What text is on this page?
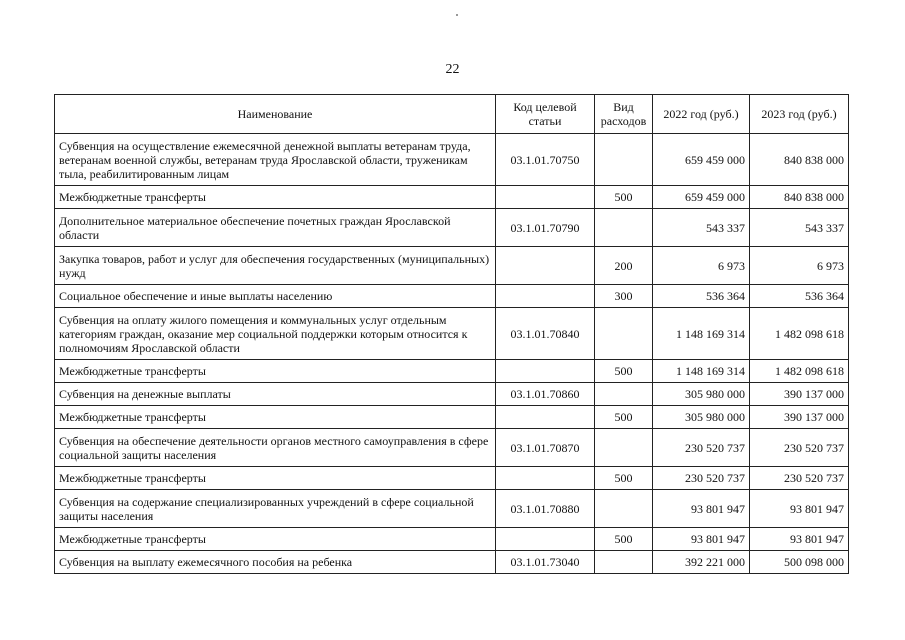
22
Наименование	Код целевой статьи	Вид расходов	2022 год (руб.)	2023 год (руб.)
Субвенция на осуществление ежемесячной денежной выплаты ветеранам труда, ветеранам военной службы, ветеранам труда Ярославской области, труженикам тыла, реабилитированным лицам	03.1.01.70750		659 459 000	840 838 000
Межбюджетные трансферты		500	659 459 000	840 838 000
Дополнительное материальное обеспечение почетных граждан Ярославской области	03.1.01.70790		543 337	543 337
Закупка товаров, работ и услуг для обеспечения государственных (муниципальных) нужд		200	6 973	6 973
Социальное обеспечение и иные выплаты населению		300	536 364	536 364
Субвенция на оплату жилого помещения и коммунальных услуг отдельным категориям граждан, оказание мер социальной поддержки которым относится к полномочиям Ярославской области	03.1.01.70840		1 148 169 314	1 482 098 618
Межбюджетные трансферты		500	1 148 169 314	1 482 098 618
Субвенция на денежные выплаты	03.1.01.70860		305 980 000	390 137 000
Межбюджетные трансферты		500	305 980 000	390 137 000
Субвенция на обеспечение деятельности органов местного самоуправления в сфере социальной защиты населения	03.1.01.70870		230 520 737	230 520 737
Межбюджетные трансферты		500	230 520 737	230 520 737
Субвенция на содержание специализированных учреждений в сфере социальной защиты населения	03.1.01.70880		93 801 947	93 801 947
Межбюджетные трансферты		500	93 801 947	93 801 947
Субвенция на выплату ежемесячного пособия на ребенка	03.1.01.73040		392 221 000	500 098 000
